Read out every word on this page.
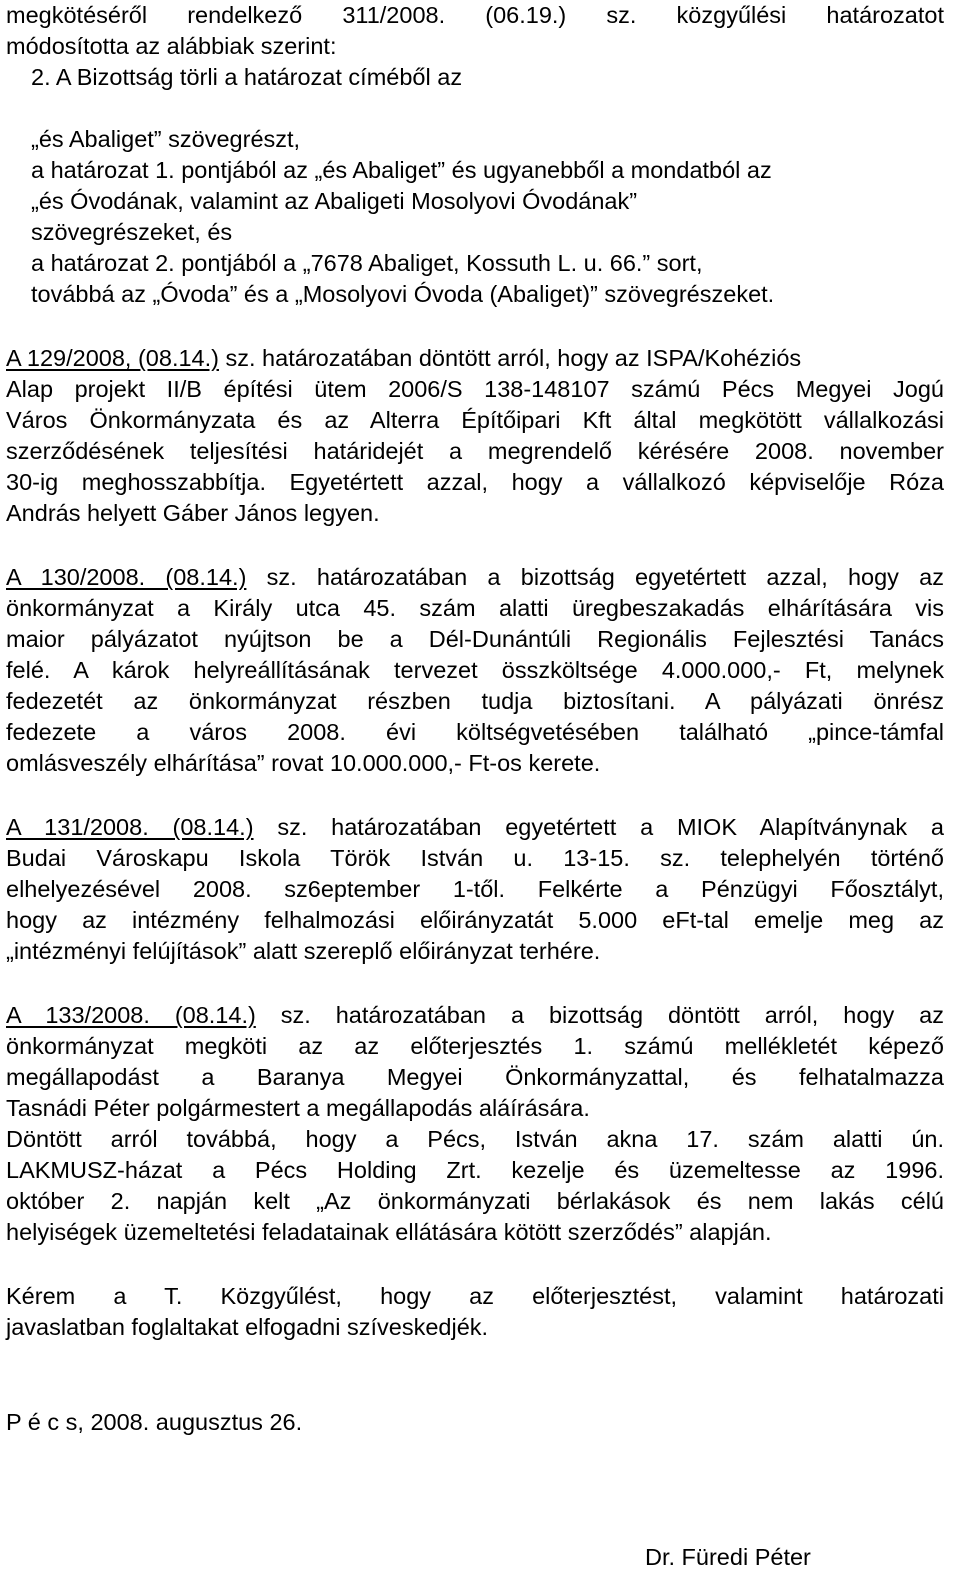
megkötéséről rendelkező 311/2008. (06.19.) sz. közgyűlési határozatot
módosította az alábbiak szerint:
2. A Bizottság törli a határozat címéből az
„és Abaliget” szövegrészt,
a határozat 1. pontjából az „és Abaliget” és ugyanebből a mondatból az
„és Óvodának, valamint az Abaligeti Mosolyovi Óvodának”
szövegrészeket, és
a határozat 2. pontjából a „7678 Abaliget, Kossuth L. u. 66.” sort,
továbbá az „Óvoda” és a „Mosolyovi Óvoda (Abaliget)” szövegrészeket.
A 129/2008, (08.14.) sz. határozatában döntött arról, hogy az ISPA/Kohéziós
Alap projekt II/B építési ütem 2006/S 138-148107 számú Pécs Megyei Jogú
Város Önkormányzata és az Alterra Építőipari Kft által megkötött vállalkozási
szerződésének teljesítési határidejét a megrendelő kérésére 2008. november
30-ig meghosszabbítja. Egyetértett azzal, hogy a vállalkozó képviselője Róza
András helyett Gáber János legyen.
A 130/2008. (08.14.) sz. határozatában a bizottság egyetértett azzal, hogy az
önkormányzat a Király utca 45. szám alatti üregbeszakadás elhárítására vis
maior pályázatot nyújtson be a Dél-Dunántúli Regionális Fejlesztési Tanács
felé. A károk helyreállításának tervezet összköltsége 4.000.000,- Ft, melynek
fedezetét az önkormányzat részben tudja biztosítani. A pályázati önrész
fedezete a város 2008. évi költségvetésében található „pince-támfal
omlásveszély elhárítása” rovat 10.000.000,- Ft-os kerete.
A 131/2008. (08.14.) sz. határozatában egyetértett a MIOK Alapítványnak a
Budai Városkapu Iskola Török István u. 13-15. sz. telephelyén történő
elhelyezésével 2008. sz6eptember 1-től. Felkérte a Pénzügyi Főosztályt,
hogy az intézmény felhalmozási előirányzatát 5.000 eFt-tal emelje meg az
„intézményi felújítások” alatt szereplő előirányzat terhére.
A 133/2008. (08.14.) sz. határozatában a bizottság döntött arról, hogy az
önkormányzat megköti az az előterjesztés 1. számú mellékletét képező
megállapodást a Baranya Megyei Önkormányzattal, és felhatalmazza
Tasnádi Péter polgármestert a megállapodás aláírására.
Döntött arról továbbá, hogy a Pécs, István akna 17. szám alatti ún.
LAKMUSZ-házat a Pécs Holding Zrt. kezelje és üzemeltesse az 1996.
október 2. napján kelt „Az önkormányzati bérlakások és nem lakás célú
helyiségek üzemeltetési feladatainak ellátására kötött szerződés” alapján.
Kérem a T. Közgyűlést, hogy az előterjesztést, valamint határozati
javaslatban foglaltakat elfogadni szíveskedjék.
P é c s, 2008. augusztus 26.
Dr. Füredi Péter
